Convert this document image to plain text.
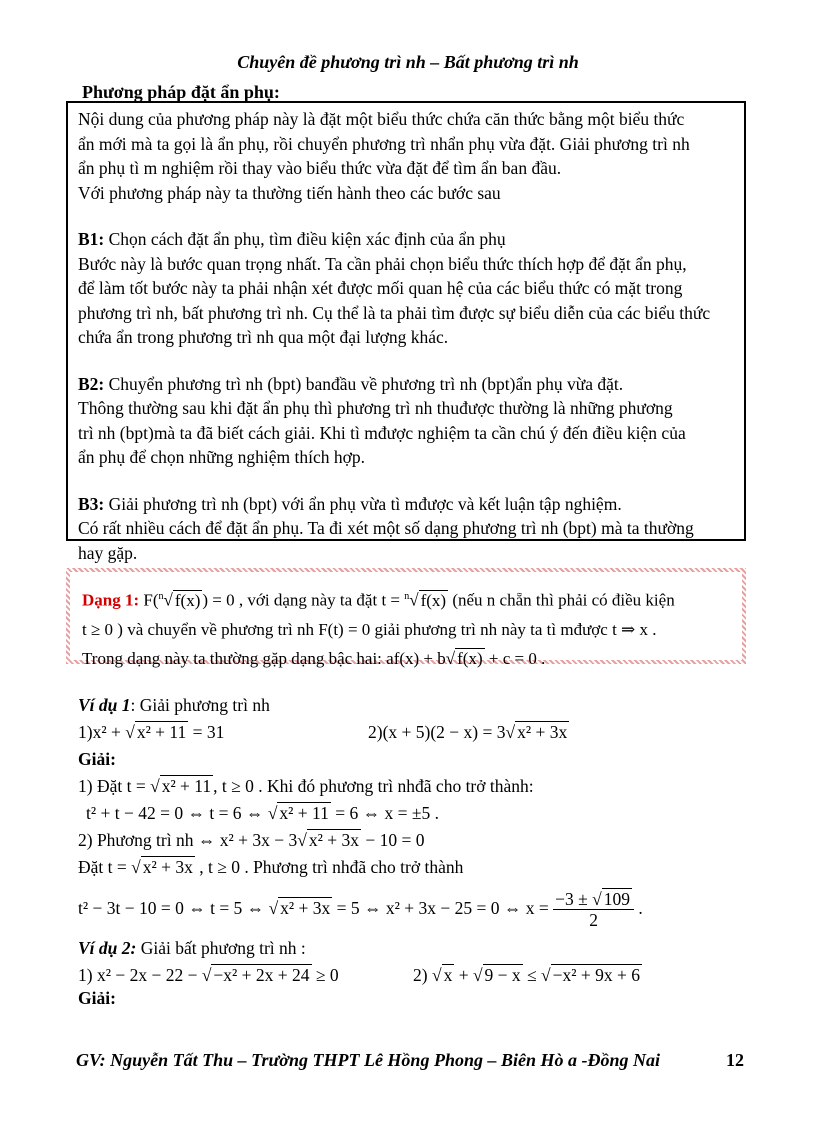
Chuyên đề phương trì nh – Bất phương trì nh
Phương pháp đặt ẩn phụ:

Nội dung của phương pháp này là đặt một biểu thức chứa căn thức bằng một biểu thức

ẩn mới mà ta gọi là ẩn phụ, rồi chuyển phương trì nhẩn phụ vừa đặt. Giải phương trì nh

ẩn phụ tì m nghiệm rồi thay vào biểu thức vừa đặt để tìm ẩn ban đầu.

Với phương pháp này ta thường tiến hành theo các bước sau

B1: Chọn cách đặt ẩn phụ, tìm điều kiện xác định của ẩn phụ

Bước này là bước quan trọng nhất. Ta cần phải chọn biểu thức thích hợp để đặt ẩn phụ,

để làm tốt bước này ta phải nhận xét được mối quan hệ của các biểu thức có mặt trong

phương trì nh, bất phương trì nh. Cụ thể là ta phải tìm được sự biểu diễn của các biểu thức

chứa ẩn trong phương trì nh qua một đại lượng khác.

B2: Chuyển phương trì nh (bpt) banđầu về phương trì nh (bpt)ẩn phụ vừa đặt.

Thông thường sau khi đặt ẩn phụ thì phương trì nh thuđược thường là những phương

trì nh (bpt)mà ta đã biết cách giải. Khi tì mđược nghiệm ta cần chú ý đến điều kiện của

ẩn phụ để chọn những nghiệm thích hợp.

B3: Giải phương trì nh (bpt) với ẩn phụ vừa tì mđược và kết luận tập nghiệm.

Có rất nhiều cách để đặt ẩn phụ. Ta đi xét một số dạng phương trì nh (bpt) mà ta thường

hay gặp.

Dạng 1: F($^n$√ f(x) ) = 0 , với dạng này ta đặt t = $^n$√ f(x) (nếu n chẵn thì phải có điều kiện

t ≥ 0 ) và chuyển về phương trì nh F(t) = 0 giải phương trì nh này ta tì mđược t ⇒ x .

Trong dạng này ta thường gặp dạng bậc hai: af(x) + b√ f(x) + c = 0 .

Ví dụ 1: Giải phương trì nh

1)x² + √ x² + 11 = 31	2)(x + 5)(2 − x) = 3√ x² + 3x

Giải:

1) Đặt t = √ x² + 11 , t ≥ 0 . Khi đó phương trì nhđã cho trở thành:

t² + t − 42 = 0 ⇔ t = 6 ⇔ √ x² + 11 = 6 ⇔ x = ±5 .

2) Phương trì nh ⇔ x² + 3x − 3√ x² + 3x − 10 = 0

Đặt t = √ x² + 3x , t ≥ 0 . Phương trì nhđã cho trở thành

t² − 3t − 10 = 0 ⇔ t = 5 ⇔ √ x² + 3x = 5 ⇔ x² + 3x − 25 = 0 ⇔ $x = \frac{-3 \pm √ 109}{2}$ .

Ví dụ 2: Giải bất phương trì nh :

1) x² − 2x − 22 − √ −x² + 2x + 24 ≥ 0	2) √ x + √ 9 − x ≤ √ −x² + 9x + 6

Giải:

GV: Nguyễn Tất Thu – Trường THPT Lê Hồng Phong – Biên Hò a -Đồng Nai	12
